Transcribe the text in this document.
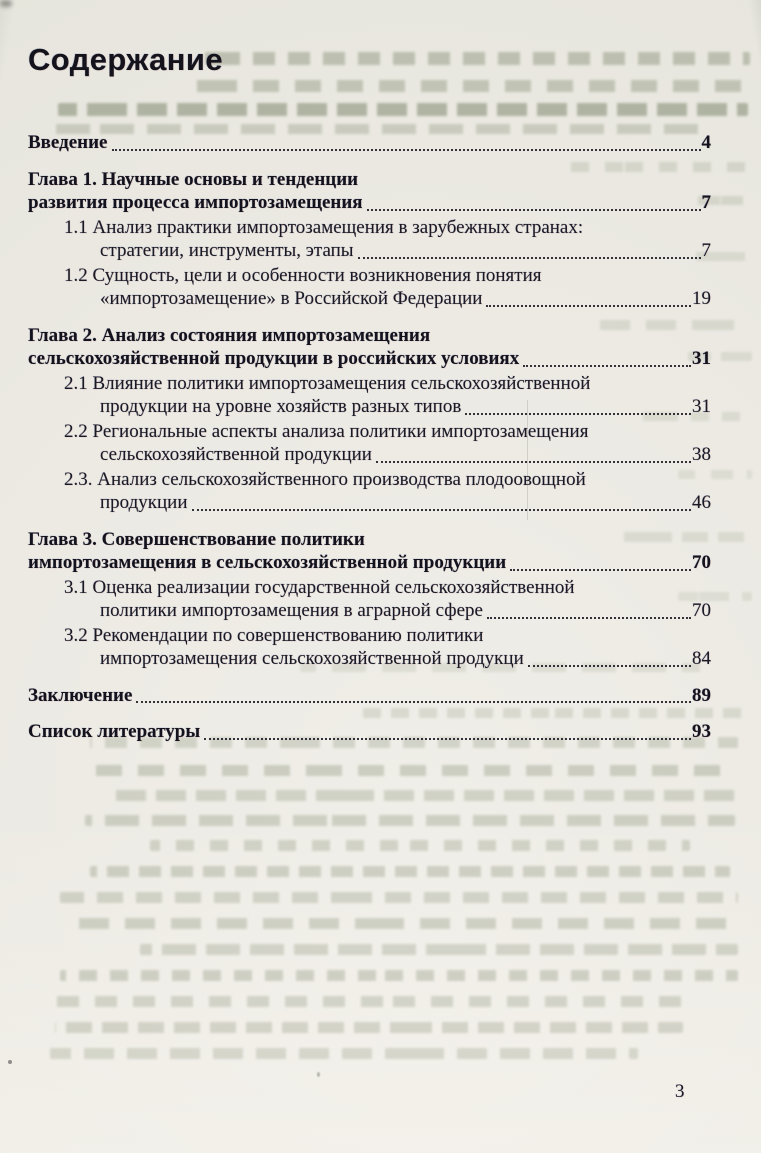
Содержание
Введение	4
Глава 1. Научные основы и тенденции
развития процесса импортозамещения	7
1.1 Анализ практики импортозамещения в зарубежных странах:
стратегии, инструменты, этапы	7
1.2 Сущность, цели и особенности возникновения понятия
«импортозамещение» в Российской Федерации	19
Глава 2. Анализ состояния импортозамещения
сельскохозяйственной продукции в российских условиях	31
2.1 Влияние политики импортозамещения сельскохозяйственной
продукции на уровне хозяйств разных типов	31
2.2 Региональные аспекты анализа политики импортозамещения
сельскохозяйственной продукции	38
2.3. Анализ сельскохозяйственного производства плодоовощной
продукции	46
Глава 3. Совершенствование политики
импортозамещения в сельскохозяйственной продукции	70
3.1 Оценка реализации государственной сельскохозяйственной
политики импортозамещения в аграрной сфере	70
3.2 Рекомендации по совершенствованию политики
импортозамещения сельскохозяйственной продукци	84
Заключение	89
Список литературы	93
3
